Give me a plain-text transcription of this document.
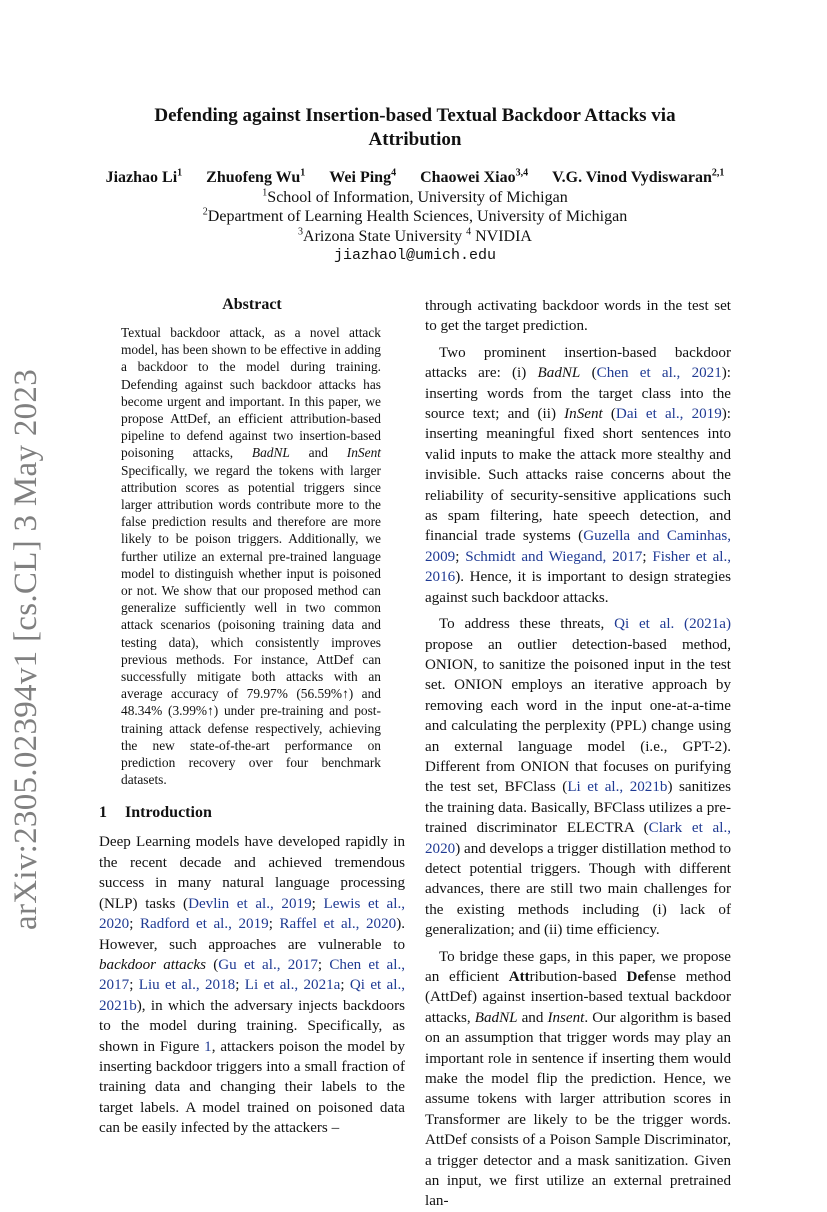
arXiv:2305.02394v1 [cs.CL] 3 May 2023
Defending against Insertion-based Textual Backdoor Attacks via Attribution
Jiazhao Li$^1$ Zhuofeng Wu$^1$ Wei Ping$^4$ Chaowei Xiao$^{3,4}$ V.G. Vinod Vydiswaran$^{2,1}$
$^1$School of Information, University of Michigan
$^2$Department of Learning Health Sciences, University of Michigan
$^3$Arizona State University $^4$ NVIDIA
jiazhaol@umich.edu
Abstract
Textual backdoor attack, as a novel attack model, has been shown to be effective in adding a backdoor to the model during training. Defending against such backdoor attacks has become urgent and important. In this paper, we propose AttDef, an efficient attribution-based pipeline to defend against two insertion-based poisoning attacks, BadNL and InSent Specifically, we regard the tokens with larger attribution scores as potential triggers since larger attribution words contribute more to the false prediction results and therefore are more likely to be poison triggers. Additionally, we further utilize an external pre-trained language model to distinguish whether input is poisoned or not. We show that our proposed method can generalize sufficiently well in two common attack scenarios (poisoning training data and testing data), which consistently improves previous methods. For instance, AttDef can successfully mitigate both attacks with an average accuracy of 79.97% (56.59%↑) and 48.34% (3.99%↑) under pre-training and post-training attack defense respectively, achieving the new state-of-the-art performance on prediction recovery over four benchmark datasets.
1 Introduction

Deep Learning models have developed rapidly in the recent decade and achieved tremendous success in many natural language processing (NLP) tasks (Devlin et al., 2019; Lewis et al., 2020; Radford et al., 2019; Raffel et al., 2020). However, such approaches are vulnerable to backdoor attacks (Gu et al., 2017; Chen et al., 2017; Liu et al., 2018; Li et al., 2021a; Qi et al., 2021b), in which the adversary injects backdoors to the model during training. Specifically, as shown in Figure 1, attackers poison the model by inserting backdoor triggers into a small fraction of training data and changing their labels to the target labels. A model trained on poisoned data can be easily infected by the attackers –

through activating backdoor words in the test set to get the target prediction.

Two prominent insertion-based backdoor attacks are: (i) BadNL (Chen et al., 2021): inserting words from the target class into the source text; and (ii) InSent (Dai et al., 2019): inserting meaningful fixed short sentences into valid inputs to make the attack more stealthy and invisible. Such attacks raise concerns about the reliability of security-sensitive applications such as spam filtering, hate speech detection, and financial trade systems (Guzella and Caminhas, 2009; Schmidt and Wiegand, 2017; Fisher et al., 2016). Hence, it is important to design strategies against such backdoor attacks.

To address these threats, Qi et al. (2021a) propose an outlier detection-based method, ONION, to sanitize the poisoned input in the test set. ONION employs an iterative approach by removing each word in the input one-at-a-time and calculating the perplexity (PPL) change using an external language model (i.e., GPT-2). Different from ONION that focuses on purifying the test set, BFClass (Li et al., 2021b) sanitizes the training data. Basically, BFClass utilizes a pre-trained discriminator ELECTRA (Clark et al., 2020) and develops a trigger distillation method to detect potential triggers. Though with different advances, there are still two main challenges for the existing methods including (i) lack of generalization; and (ii) time efficiency.

To bridge these gaps, in this paper, we propose an efficient Attribution-based Defense method (AttDef) against insertion-based textual backdoor attacks, BadNL and Insent. Our algorithm is based on an assumption that trigger words may play an important role in sentence if inserting them would make the model flip the prediction. Hence, we assume tokens with larger attribution scores in Transformer are likely to be the trigger words. AttDef consists of a Poison Sample Discriminator, a trigger detector and a mask sanitization. Given an input, we first utilize an external pretrained lan-
